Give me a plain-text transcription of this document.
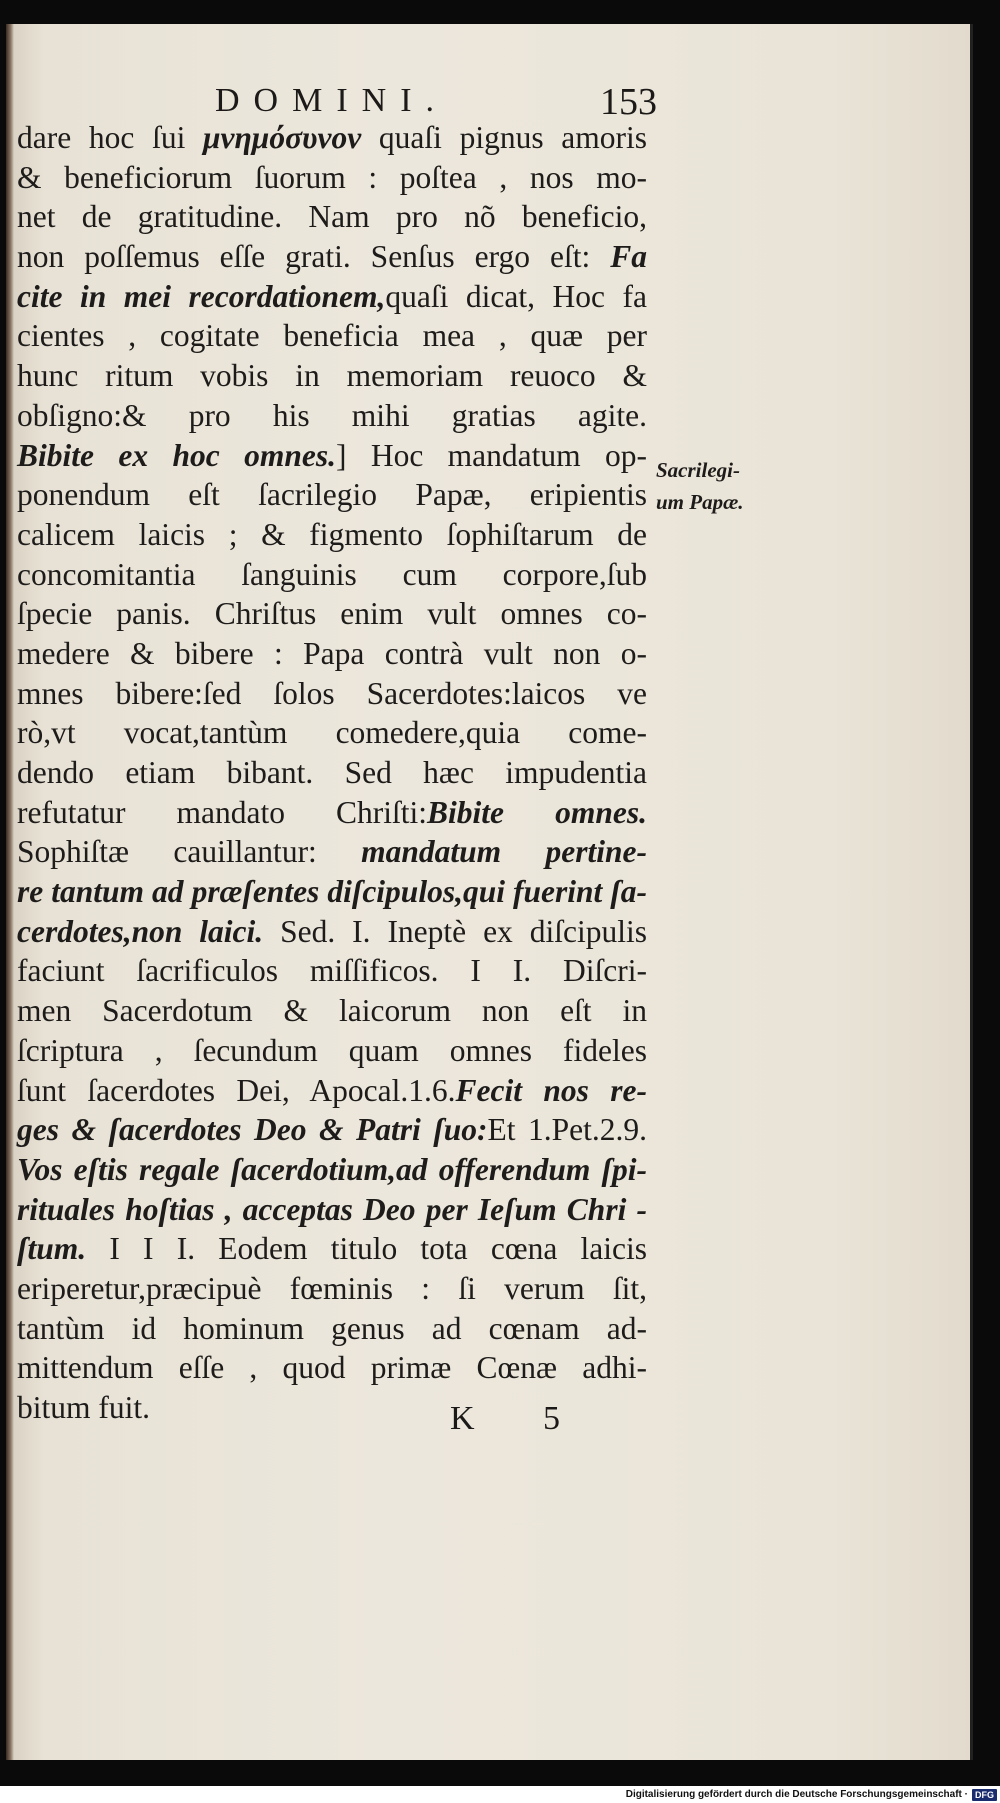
DOMINI.	153
dare hoc ſui μνημόσυνον quaſi pignus amoris
& beneficiorum ſuorum : poſtea , nos mo-
net de gratitudine. Nam pro nõ beneficio,
non poſſemus eſſe grati. Senſus ergo eſt: Fa
cite in mei recordationem,quaſi dicat, Hoc fa
cientes , cogitate beneficia mea , quæ per
hunc ritum vobis in memoriam reuoco &
obſigno:& pro his mihi gratias agite.
Bibite ex hoc omnes.] Hoc mandatum op-
ponendum eſt ſacrilegio Papæ, eripientis
calicem laicis ; & figmento ſophiſtarum de
concomitantia ſanguinis cum corpore,ſub
ſpecie panis. Chriſtus enim vult omnes co-
medere & bibere : Papa contrà vult non o-
mnes bibere:ſed ſolos Sacerdotes:laicos ve
rò,vt vocat,tantùm comedere,quia come-
dendo etiam bibant. Sed hæc impudentia
refutatur mandato Chriſti:Bibite omnes.
Sophiſtæ cauillantur: mandatum pertine-
re tantum ad præſentes diſcipulos,qui fuerint ſa-
cerdotes,non laici. Sed. I. Ineptè ex diſcipulis
faciunt ſacrificulos miſſificos. I I. Diſcri-
men Sacerdotum & laicorum non eſt in
ſcriptura , ſecundum quam omnes fideles
ſunt ſacerdotes Dei, Apocal.1.6.Fecit nos re-
ges & ſacerdotes Deo & Patri ſuo:Et 1.Pet.2.9.
Vos eſtis regale ſacerdotium,ad offerendum ſpi-
rituales hoſtias , acceptas Deo per Ieſum Chri -
ſtum. I I I. Eodem titulo tota cœna laicis
eriperetur,præcipuè fœminis : ſi verum ſit,
tantùm id hominum genus ad cœnam ad-
mittendum eſſe , quod primæ Cœnæ adhi-
bitum fuit.
Sacrilegi-
um Papæ.
K 5
Digitalisierung gefördert durch die Deutsche Forschungsgemeinschaft · DFG
